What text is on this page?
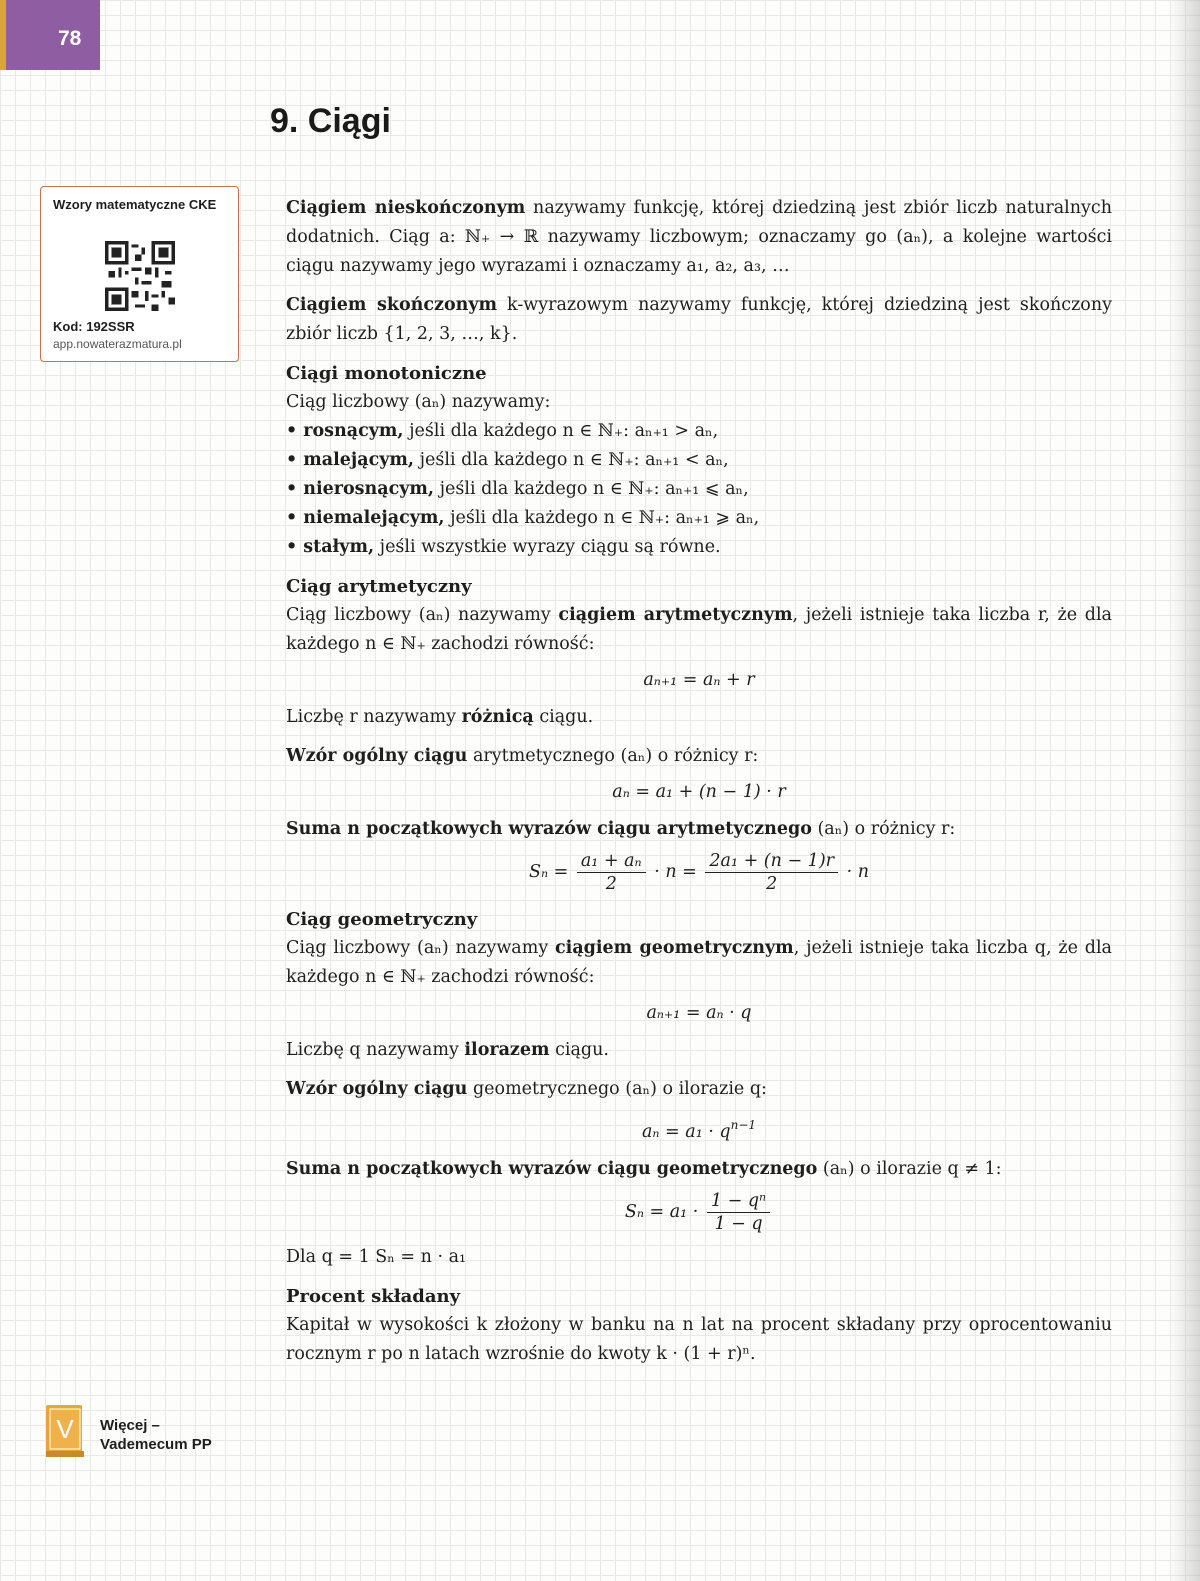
78
9. Ciągi
Wzory matematyczne CKE
Kod: 192SSR
app.nowaterazmatura.pl
V Więcej – Vademecum PP

Ciągiem nieskończonym nazywamy funkcję, której dziedziną jest zbiór liczb naturalnych dodatnich. Ciąg a: ℕ₊ → ℝ nazywamy liczbowym; oznaczamy go (aₙ), a kolejne wartości ciągu nazywamy jego wyrazami i oznaczamy a₁, a₂, a₃, …

Ciągiem skończonym k-wyrazowym nazywamy funkcję, której dziedziną jest skończony zbiór liczb {1, 2, 3, …, k}.

Ciągi monotoniczne

Ciąg liczbowy (aₙ) nazywamy:

• rosnącym, jeśli dla każdego n ∈ ℕ₊: aₙ₊₁ > aₙ,
• malejącym, jeśli dla każdego n ∈ ℕ₊: aₙ₊₁ < aₙ,
• nierosnącym, jeśli dla każdego n ∈ ℕ₊: aₙ₊₁ ⩽ aₙ,
• niemalejącym, jeśli dla każdego n ∈ ℕ₊: aₙ₊₁ ⩾ aₙ,
• stałym, jeśli wszystkie wyrazy ciągu są równe.
Ciąg arytmetyczny

Ciąg liczbowy (aₙ) nazywamy ciągiem arytmetycznym, jeżeli istnieje taka liczba r, że dla każdego n ∈ ℕ₊ zachodzi równość:

aₙ₊₁ = aₙ + r

Liczbę r nazywamy różnicą ciągu.

Wzór ogólny ciągu arytmetycznego (aₙ) o różnicy r:

aₙ = a₁ + (n − 1) · r

Suma n początkowych wyrazów ciągu arytmetycznego (aₙ) o różnicy r:

$S_n = \frac{\text{a₁ + aₙ}}{2} \cdot n = \frac{\text{2a₁ + (n − 1)r}}{2} \cdot n$
Ciąg geometryczny

Ciąg liczbowy (aₙ) nazywamy ciągiem geometrycznym, jeżeli istnieje taka liczba q, że dla każdego n ∈ ℕ₊ zachodzi równość:

aₙ₊₁ = aₙ · q

Liczbę q nazywamy ilorazem ciągu.

Wzór ogólny ciągu geometrycznego (aₙ) o ilorazie q:

$a_n = a_1 \cdot q^{n-1}$

Suma n początkowych wyrazów ciągu geometrycznego (aₙ) o ilorazie q ≠ 1:

$S_n = a_1 \cdot \frac{\text{1 − qⁿ}}{1 - q}$

Dla q = 1 Sₙ = n · a₁

Procent składany

Kapitał w wysokości k złożony w banku na n lat na procent składany przy oprocentowaniu rocznym r po n latach wzrośnie do kwoty k · (1 + r)ⁿ.
